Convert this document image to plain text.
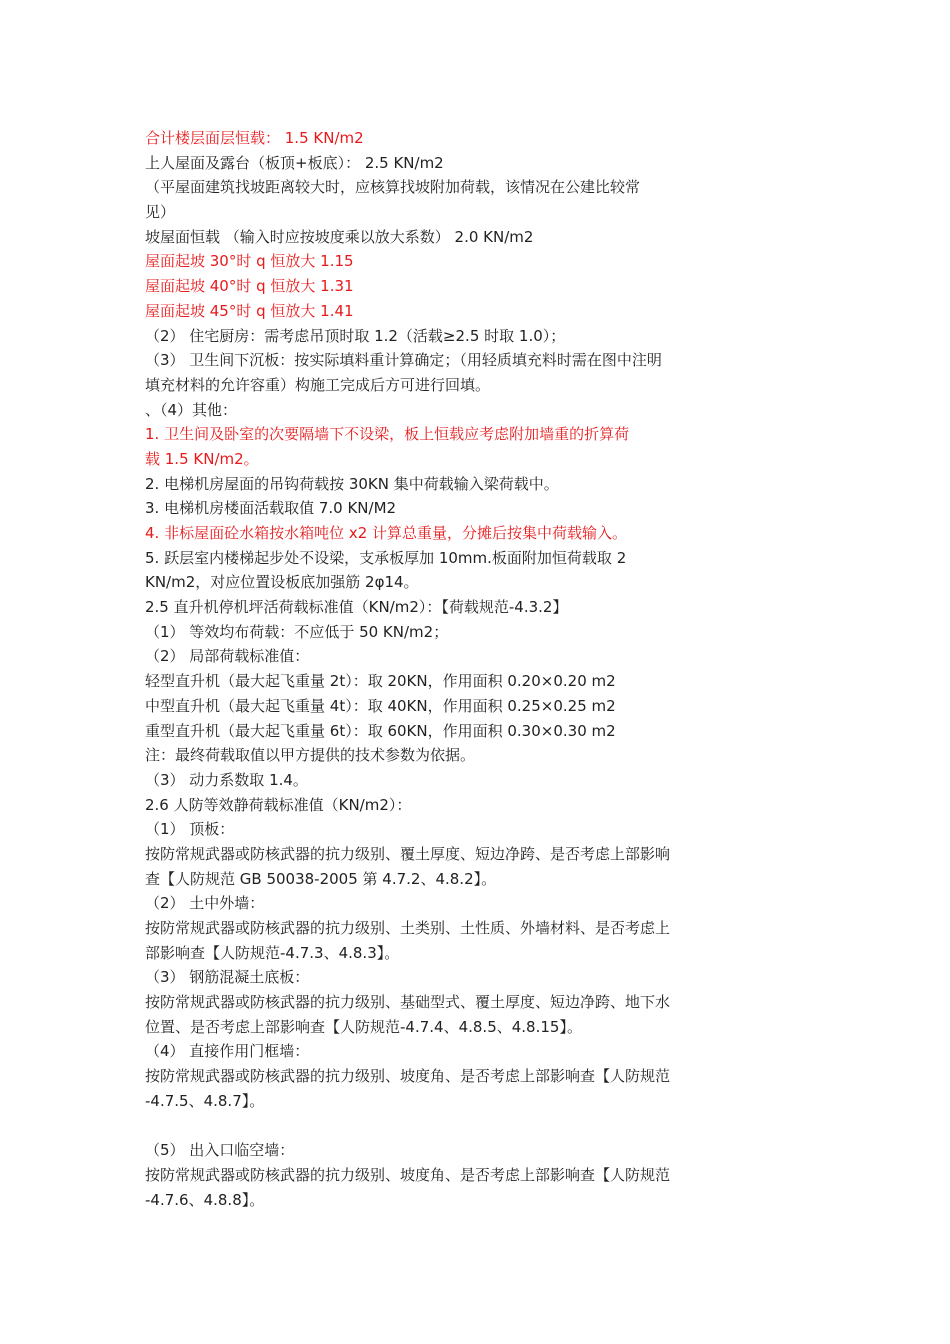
合计楼层面层恒载： 1.5 KN/m2
上人屋面及露台（板顶+板底）： 2.5 KN/m2
（平屋面建筑找坡距离较大时，应核算找坡附加荷载，该情况在公建比较常
见）
坡屋面恒载 （输入时应按坡度乘以放大系数） 2.0 KN/m2
屋面起坡 30°时 q 恒放大 1.15
屋面起坡 40°时 q 恒放大 1.31
屋面起坡 45°时 q 恒放大 1.41
（2） 住宅厨房：需考虑吊顶时取 1.2（活载≥2.5 时取 1.0）；
（3） 卫生间下沉板：按实际填料重计算确定；（用轻质填充料时需在图中注明
填充材料的允许容重）构施工完成后方可进行回填。
、（4）其他：
1. 卫生间及卧室的次要隔墙下不设梁，板上恒载应考虑附加墙重的折算荷
载 1.5 KN/m2。
2. 电梯机房屋面的吊钩荷载按 30KN 集中荷载输入梁荷载中。
3. 电梯机房楼面活载取值 7.0 KN/M2
4. 非标屋面砼水箱按水箱吨位 x2 计算总重量，分摊后按集中荷载输入。
5. 跃层室内楼梯起步处不设梁，支承板厚加 10mm.板面附加恒荷载取 2
KN/m2，对应位置设板底加强筋 2φ14。
2.5 直升机停机坪活荷载标准值（KN/m2）：【荷载规范-4.3.2】
（1） 等效均布荷载：不应低于 50 KN/m2；
（2） 局部荷载标准值：
轻型直升机（最大起飞重量 2t）：取 20KN，作用面积 0.20×0.20 m2
中型直升机（最大起飞重量 4t）：取 40KN，作用面积 0.25×0.25 m2
重型直升机（最大起飞重量 6t）：取 60KN，作用面积 0.30×0.30 m2
注：最终荷载取值以甲方提供的技术参数为依据。
（3） 动力系数取 1.4。
2.6 人防等效静荷载标准值（KN/m2）：
（1） 顶板：
按防常规武器或防核武器的抗力级别、覆土厚度、短边净跨、是否考虑上部影响
查【人防规范 GB 50038-2005 第 4.7.2、4.8.2】。
（2） 土中外墙：
按防常规武器或防核武器的抗力级别、土类别、土性质、外墙材料、是否考虑上
部影响查【人防规范-4.7.3、4.8.3】。
（3） 钢筋混凝土底板：
按防常规武器或防核武器的抗力级别、基础型式、覆土厚度、短边净跨、地下水
位置、是否考虑上部影响查【人防规范-4.7.4、4.8.5、4.8.15】。
（4） 直接作用门框墙：
按防常规武器或防核武器的抗力级别、坡度角、是否考虑上部影响查【人防规范
-4.7.5、4.8.7】。
（5） 出入口临空墙：
按防常规武器或防核武器的抗力级别、坡度角、是否考虑上部影响查【人防规范
-4.7.6、4.8.8】。
